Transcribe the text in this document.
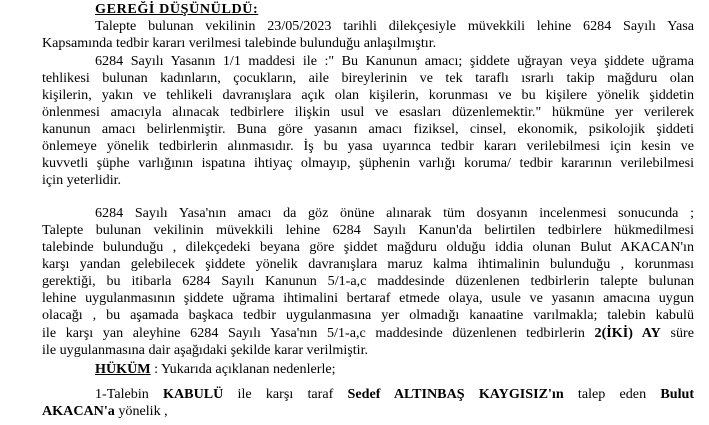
GEREĞİ DÜŞÜNÜLDÜ:
Talepte bulunan vekilinin 23/05/2023 tarihli dilekçesiyle müvekkili lehine 6284 Sayılı Yasa
Kapsamında tedbir kararı verilmesi talebinde bulunduğu anlaşılmıştır.
6284 Sayılı Yasanın 1/1 maddesi ile :" Bu Kanunun amacı; şiddete uğrayan veya şiddete uğrama
tehlikesi bulunan kadınların, çocukların, aile bireylerinin ve tek taraflı ısrarlı takip mağduru olan
kişilerin, yakın ve tehlikeli davranışlara açık olan kişilerin, korunması ve bu kişilere yönelik şiddetin
önlenmesi amacıyla alınacak tedbirlere ilişkin usul ve esasları düzenlemektir." hükmüne yer verilerek
kanunun amacı belirlenmiştir. Buna göre yasanın amacı fiziksel, cinsel, ekonomik, psikolojik şiddeti
önlemeye yönelik tedbirlerin alınmasıdır. İş bu yasa uyarınca tedbir kararı verilebilmesi için kesin ve
kuvvetli şüphe varlığının ispatına ihtiyaç olmayıp, şüphenin varlığı koruma/ tedbir kararının verilebilmesi
için yeterlidir.
6284 Sayılı Yasa'nın amacı da göz önüne alınarak tüm dosyanın incelenmesi sonucunda ;
Talepte bulunan vekilinin müvekkili lehine 6284 Sayılı Kanun'da belirtilen tedbirlere hükmedilmesi
talebinde bulunduğu , dilekçedeki beyana göre şiddet mağduru olduğu iddia olunan Bulut AKACAN'ın
karşı yandan gelebilecek şiddete yönelik davranışlara maruz kalma ihtimalinin bulunduğu , korunması
gerektiği, bu itibarla 6284 Sayılı Kanunun 5/1-a,c maddesinde düzenlenen tedbirlerin talepte bulunan
lehine uygulanmasının şiddete uğrama ihtimalini bertaraf etmede olaya, usule ve yasanın amacına uygun
olacağı , bu aşamada başkaca tedbir uygulanmasına yer olmadığı kanaatine varılmakla; talebin kabulü
ile karşı yan aleyhine 6284 Sayılı Yasa'nın 5/1-a,c maddesinde düzenlenen tedbirlerin 2(İKİ) AY süre
ile uygulanmasına dair aşağıdaki şekilde karar verilmiştir.
HÜKÜM : Yukarıda açıklanan nedenlerle;
1-Talebin KABULÜ ile karşı taraf Sedef ALTINBAŞ KAYGISIZ'ın talep eden Bulut
AKACAN'a yönelik ,
